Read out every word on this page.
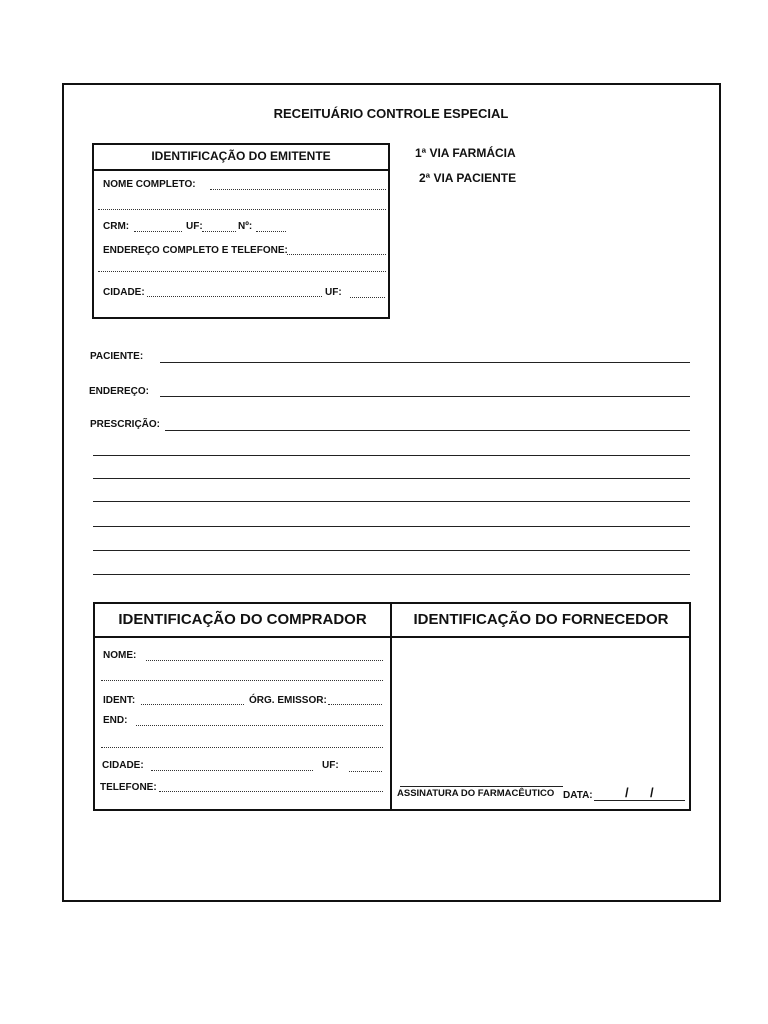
RECEITUÁRIO CONTROLE ESPECIAL
IDENTIFICAÇÃO DO EMITENTE
NOME COMPLETO:
CRM:	UF:	Nº:
ENDEREÇO COMPLETO E TELEFONE:
CIDADE:	UF:
1ª VIA FARMÁCIA
2ª VIA PACIENTE
PACIENTE:
ENDEREÇO:
PRESCRIÇÃO:
IDENTIFICAÇÃO DO COMPRADOR	IDENTIFICAÇÃO DO FORNECEDOR
NOME:
IDENT:	ÓRG. EMISSOR:
END:
CIDADE:	UF:
TELEFONE:
ASSINATURA DO FARMACÊUTICO DATA: / /
